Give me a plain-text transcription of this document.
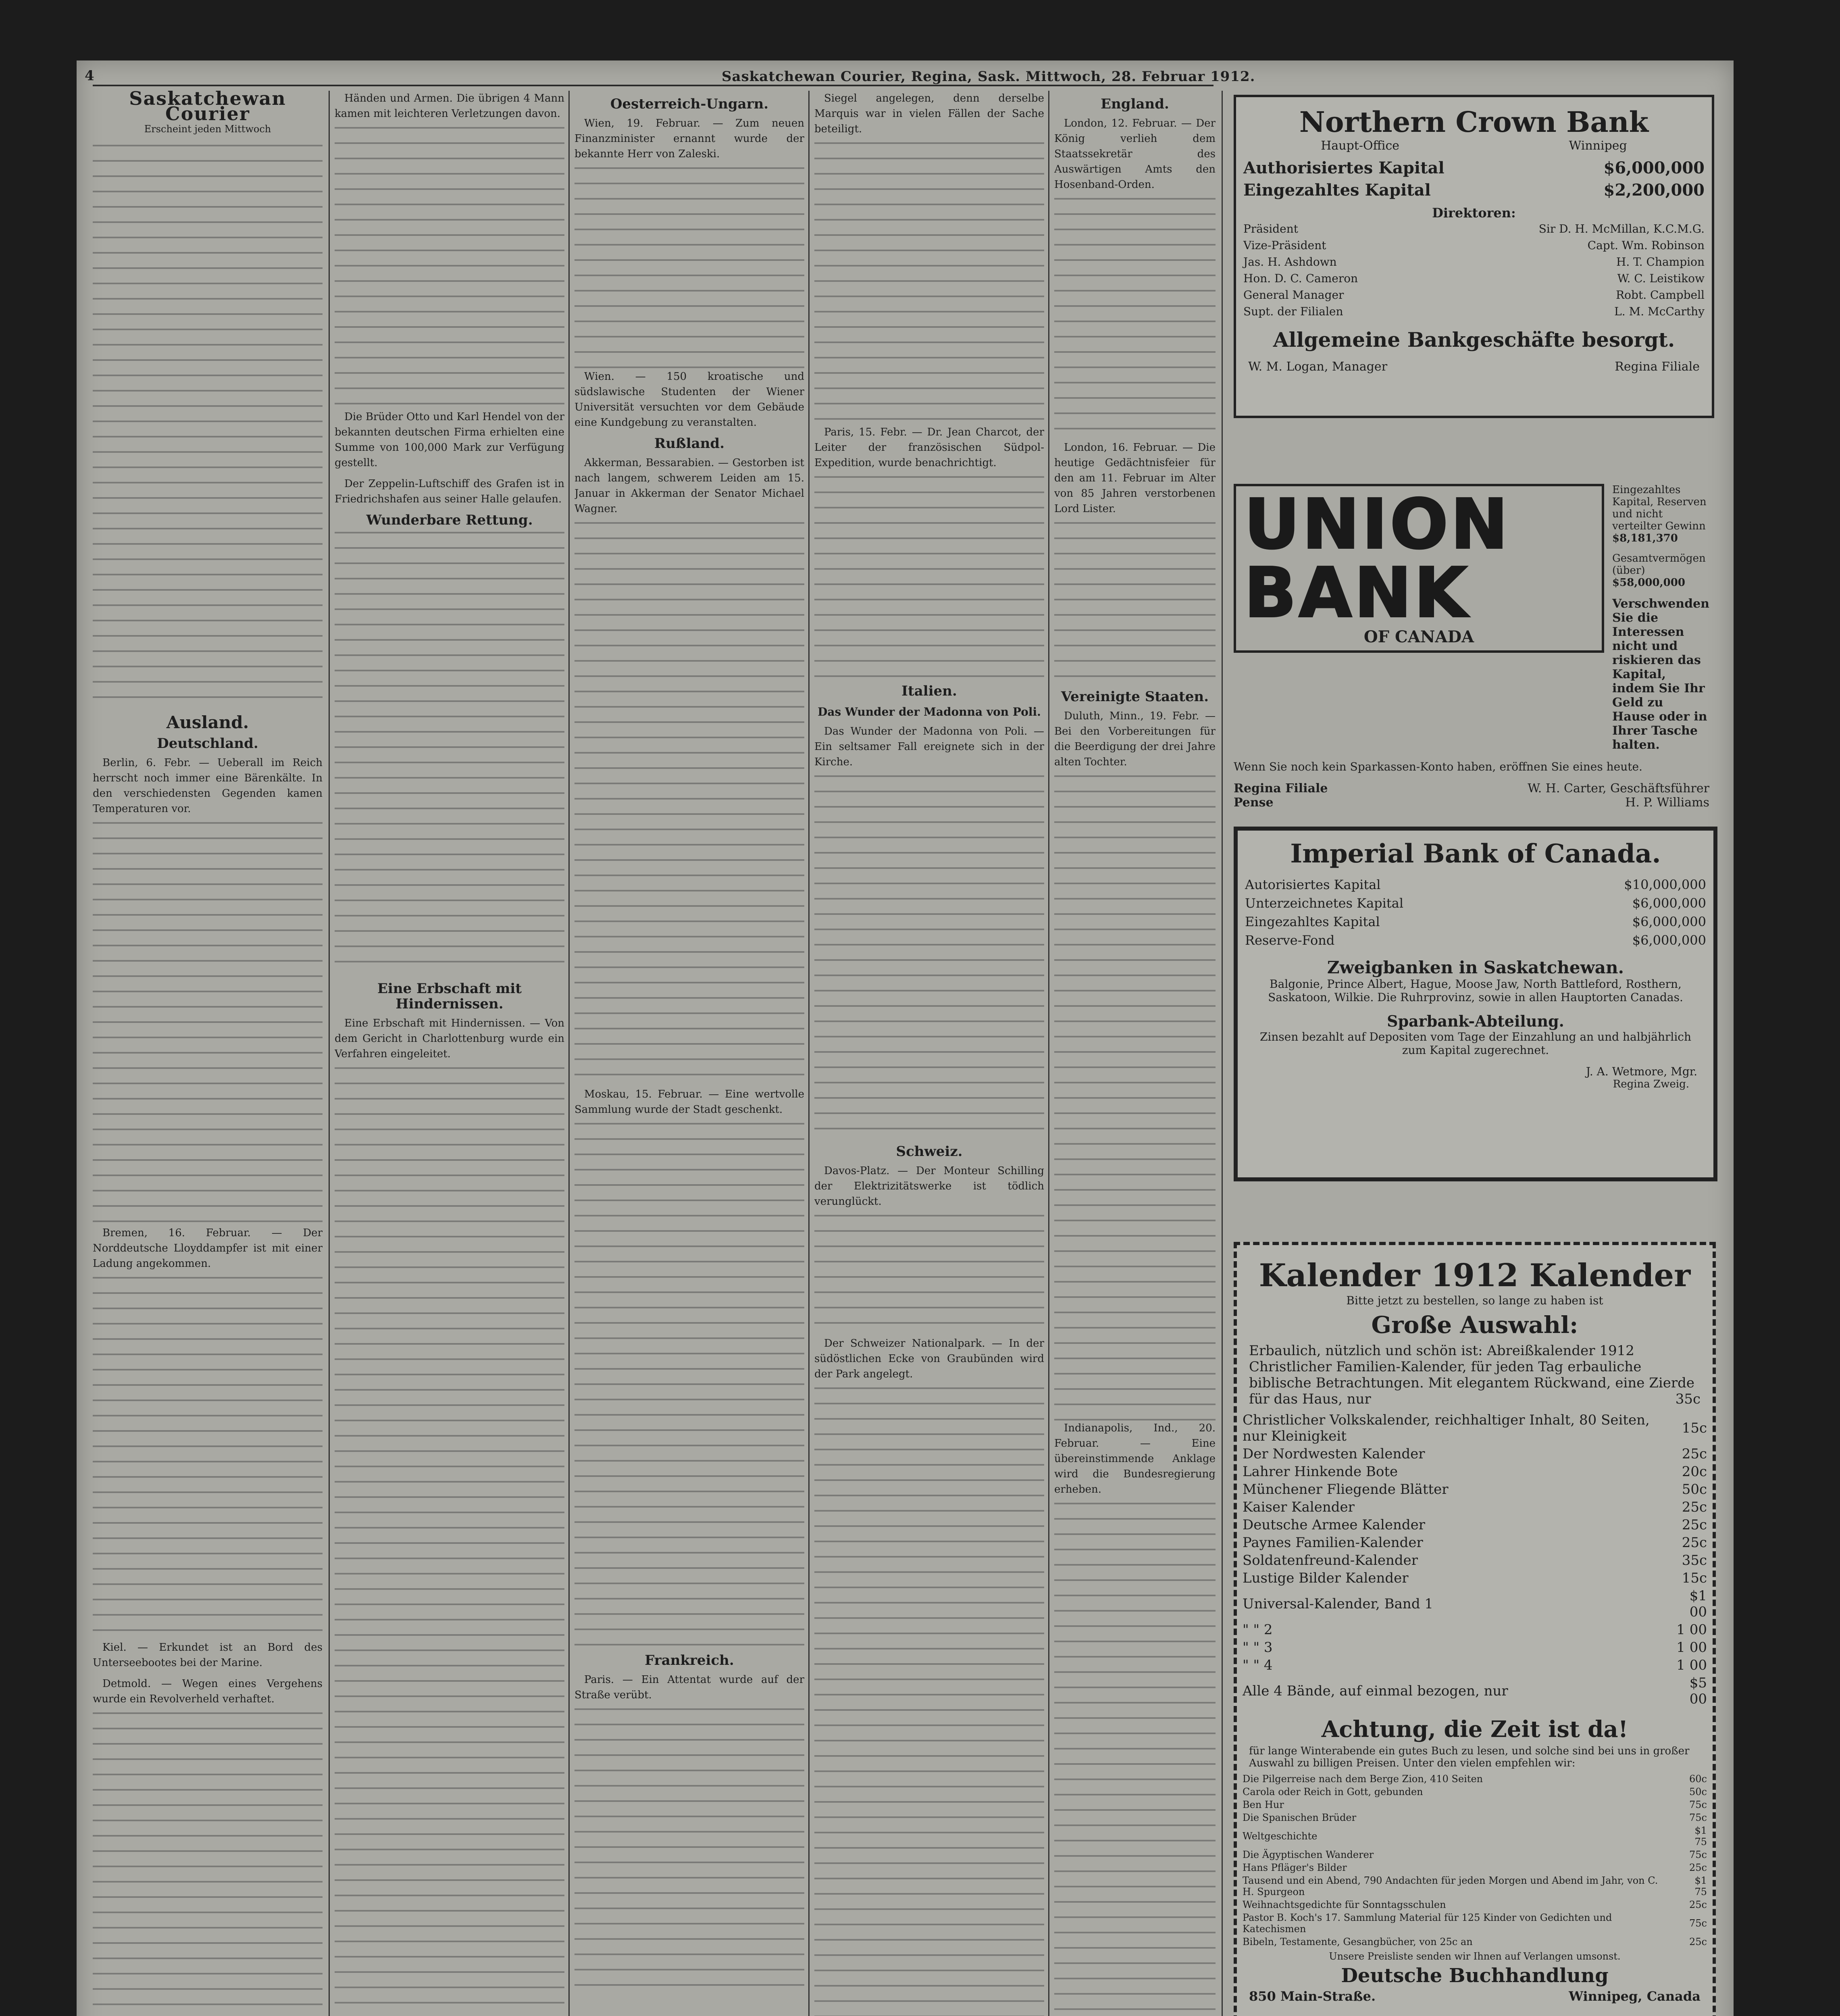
4	Saskatchewan Courier, Regina, Sask. Mittwoch, 28. Februar 1912.
Saskatchewan Courier
Erscheint jeden Mittwoch
Ausland.
Deutschland.

Berlin, 6. Febr. — Ueberall im Reich herrscht noch immer eine Bärenkälte. In den verschiedensten Gegenden kamen Temperaturen vor.

Bremen, 16. Februar. — Der Norddeutsche Lloyddampfer ist mit einer Ladung angekommen.

Kiel. — Erkundet ist an Bord des Unterseebootes bei der Marine.

Detmold. — Wegen eines Vergehens wurde ein Revolverheld verhaftet.

Händen und Armen. Die übrigen 4 Mann kamen mit leichteren Verletzungen davon.

Die Brüder Otto und Karl Hendel von der bekannten deutschen Firma erhielten eine Summe von 100,000 Mark zur Verfügung gestellt.

Der Zeppelin-Luftschiff des Grafen ist in Friedrichshafen aus seiner Halle gelaufen.

Wunderbare Rettung.
Eine Erbschaft mit Hindernissen.

Eine Erbschaft mit Hindernissen. — Von dem Gericht in Charlottenburg wurde ein Verfahren eingeleitet.

Oesterreich-Ungarn.

Wien, 19. Februar. — Zum neuen Finanzminister ernannt wurde der bekannte Herr von Zaleski.

Wien. — 150 kroatische und südslawische Studenten der Wiener Universität versuchten vor dem Gebäude eine Kundgebung zu veranstalten.

Rußland.

Akkerman, Bessarabien. — Gestorben ist nach langem, schwerem Leiden am 15. Januar in Akkerman der Senator Michael Wagner.

Moskau, 15. Februar. — Eine wertvolle Sammlung wurde der Stadt geschenkt.

Frankreich.

Paris. — Ein Attentat wurde auf der Straße verübt.

Siegel angelegen, denn derselbe Marquis war in vielen Fällen der Sache beteiligt.

Paris, 15. Febr. — Dr. Jean Charcot, der Leiter der französischen Südpol-Expedition, wurde benachrichtigt.

Italien.
Das Wunder der Madonna von Poli.

Das Wunder der Madonna von Poli. — Ein seltsamer Fall ereignete sich in der Kirche.

Schweiz.

Davos-Platz. — Der Monteur Schilling der Elektrizitätswerke ist tödlich verunglückt.

Der Schweizer Nationalpark. — In der südöstlichen Ecke von Graubünden wird der Park angelegt.

England.

London, 12. Februar. — Der König verlieh dem Staatssekretär des Auswärtigen Amts den Hosenband-Orden.

London, 16. Februar. — Die heutige Gedächtnisfeier für den am 11. Februar im Alter von 85 Jahren verstorbenen Lord Lister.

Vereinigte Staaten.

Duluth, Minn., 19. Febr. — Bei den Vorbereitungen für die Beerdigung der drei Jahre alten Tochter.

Indianapolis, Ind., 20. Februar. — Eine übereinstimmende Anklage wird die Bundesregierung erheben.

Northern Crown Bank
Haupt-Office	Winnipeg
Authorisiertes Kapital	$6,000,000
Eingezahltes Kapital	$2,200,000
Direktoren:
Präsident	Sir D. H. McMillan, K.C.M.G.
Vize-Präsident	Capt. Wm. Robinson
Jas. H. Ashdown	H. T. Champion
Hon. D. C. Cameron	W. C. Leistikow
General Manager	Robt. Campbell
Supt. der Filialen	L. M. McCarthy
Allgemeine Bankgeschäfte besorgt.
W. M. Logan, Manager	Regina Filiale
UNION BANK
OF CANADA
Eingezahltes Kapital, Reserven und nicht verteilter Gewinn $8,181,370
Gesamtvermögen (über) $58,000,000
Verschwenden Sie die Interessen nicht und riskieren das Kapital, indem Sie Ihr Geld zu Hause oder in Ihrer Tasche halten.
Wenn Sie noch kein Sparkassen-Konto haben, eröffnen Sie eines heute.
Regina Filiale	W. H. Carter, Geschäftsführer
Pense	H. P. Williams
Imperial Bank of Canada.
Autorisiertes Kapital	$10,000,000
Unterzeichnetes Kapital	$6,000,000
Eingezahltes Kapital	$6,000,000
Reserve-Fond	$6,000,000
Zweigbanken in Saskatchewan.
Balgonie, Prince Albert, Hague, Moose Jaw, North Battleford, Rosthern, Saskatoon, Wilkie. Die Ruhrprovinz, sowie in allen Hauptorten Canadas.
Sparbank-Abteilung.
Zinsen bezahlt auf Depositen vom Tage der Einzahlung an und halbjährlich zum Kapital zugerechnet.
J. A. Wetmore, Mgr.
Regina Zweig.
Kalender 1912 Kalender
Bitte jetzt zu bestellen, so lange zu haben ist
Große Auswahl:
Erbaulich, nützlich und schön ist: Abreißkalender 1912 Christlicher Familien-Kalender, für jeden Tag erbauliche biblische Betrachtungen. Mit elegantem Rückwand, eine Zierde für das Haus, nur	35c
Christlicher Volkskalender, reichhaltiger Inhalt, 80 Seiten, nur Kleinigkeit	15c
Der Nordwesten Kalender	25c
Lahrer Hinkende Bote	20c
Münchener Fliegende Blätter	50c
Kaiser Kalender	25c
Deutsche Armee Kalender	25c
Paynes Familien-Kalender	25c
Soldatenfreund-Kalender	35c
Lustige Bilder Kalender	15c
Universal-Kalender, Band 1	$1 00
" " 2	1 00
" " 3	1 00
" " 4	1 00
Alle 4 Bände, auf einmal bezogen, nur	$5 00
Achtung, die Zeit ist da!
für lange Winterabende ein gutes Buch zu lesen, und solche sind bei uns in großer Auswahl zu billigen Preisen. Unter den vielen empfehlen wir:
Die Pilgerreise nach dem Berge Zion, 410 Seiten	60c
Carola oder Reich in Gott, gebunden	50c
Ben Hur	75c
Die Spanischen Brüder	75c
Weltgeschichte	$1 75
Die Ägyptischen Wanderer	75c
Hans Pfläger's Bilder	25c
Tausend und ein Abend, 790 Andachten für jeden Morgen und Abend im Jahr, von C. H. Spurgeon	$1 75
Weihnachtsgedichte für Sonntagsschulen	25c
Pastor B. Koch's 17. Sammlung Material für 125 Kinder von Gedichten und Katechismen	75c
Bibeln, Testamente, Gesangbücher, von 25c an	25c
Unsere Preisliste senden wir Ihnen auf Verlangen umsonst.
Deutsche Buchhandlung
850 Main-Straße.	Winnipeg, Canada
